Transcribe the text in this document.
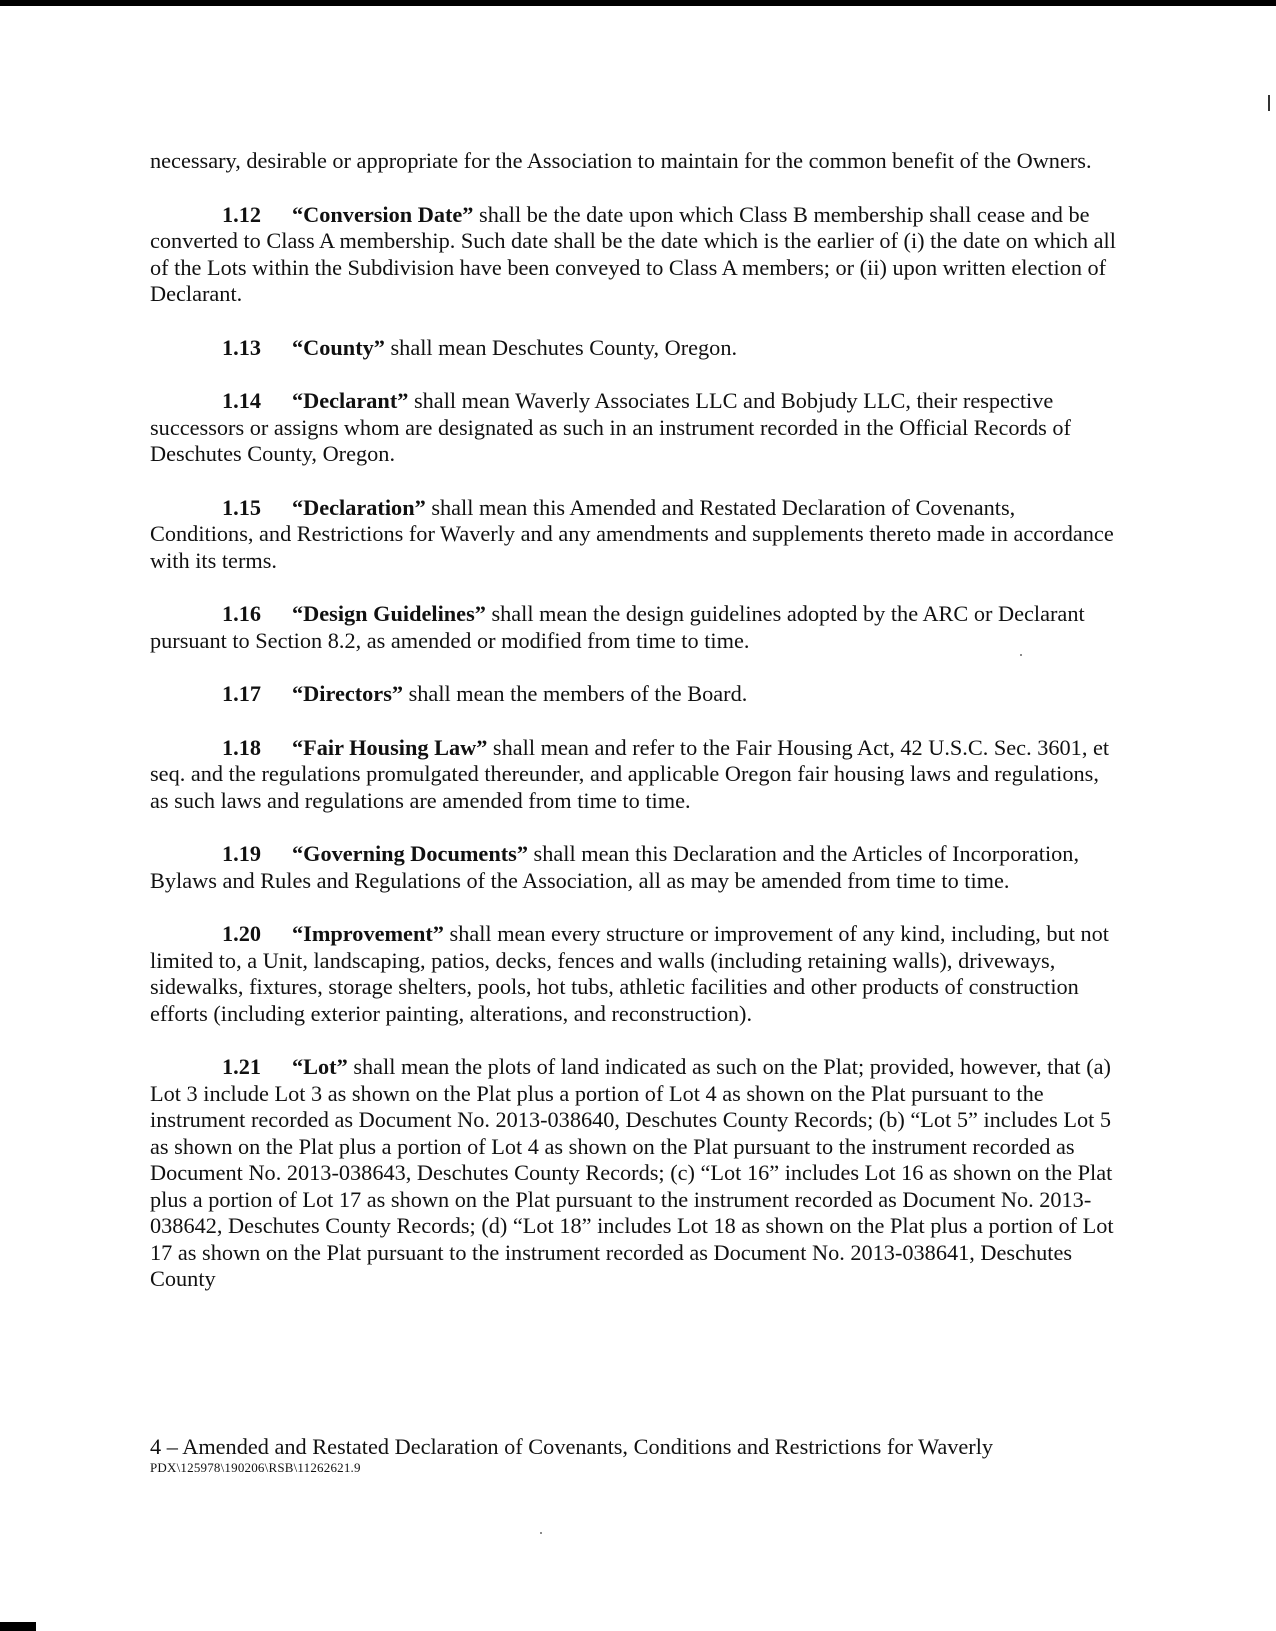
necessary, desirable or appropriate for the Association to maintain for the common benefit of the Owners.

1.12 “Conversion Date” shall be the date upon which Class B membership shall cease and be converted to Class A membership. Such date shall be the date which is the earlier of (i) the date on which all of the Lots within the Subdivision have been conveyed to Class A members; or (ii) upon written election of Declarant.

1.13 “County” shall mean Deschutes County, Oregon.

1.14 “Declarant” shall mean Waverly Associates LLC and Bobjudy LLC, their respective successors or assigns whom are designated as such in an instrument recorded in the Official Records of Deschutes County, Oregon.

1.15 “Declaration” shall mean this Amended and Restated Declaration of Covenants, Conditions, and Restrictions for Waverly and any amendments and supplements thereto made in accordance with its terms.

1.16 “Design Guidelines” shall mean the design guidelines adopted by the ARC or Declarant pursuant to Section 8.2, as amended or modified from time to time.

1.17 “Directors” shall mean the members of the Board.

1.18 “Fair Housing Law” shall mean and refer to the Fair Housing Act, 42 U.S.C. Sec. 3601, et seq. and the regulations promulgated thereunder, and applicable Oregon fair housing laws and regulations, as such laws and regulations are amended from time to time.

1.19 “Governing Documents” shall mean this Declaration and the Articles of Incorporation, Bylaws and Rules and Regulations of the Association, all as may be amended from time to time.

1.20 “Improvement” shall mean every structure or improvement of any kind, including, but not limited to, a Unit, landscaping, patios, decks, fences and walls (including retaining walls), driveways, sidewalks, fixtures, storage shelters, pools, hot tubs, athletic facilities and other products of construction efforts (including exterior painting, alterations, and reconstruction).

1.21 “Lot” shall mean the plots of land indicated as such on the Plat; provided, however, that (a) Lot 3 include Lot 3 as shown on the Plat plus a portion of Lot 4 as shown on the Plat pursuant to the instrument recorded as Document No. 2013-038640, Deschutes County Records; (b) “Lot 5” includes Lot 5 as shown on the Plat plus a portion of Lot 4 as shown on the Plat pursuant to the instrument recorded as Document No. 2013-038643, Deschutes County Records; (c) “Lot 16” includes Lot 16 as shown on the Plat plus a portion of Lot 17 as shown on the Plat pursuant to the instrument recorded as Document No. 2013-038642, Deschutes County Records; (d) “Lot 18” includes Lot 18 as shown on the Plat plus a portion of Lot 17 as shown on the Plat pursuant to the instrument recorded as Document No. 2013-038641, Deschutes County

4 – Amended and Restated Declaration of Covenants, Conditions and Restrictions for Waverly
PDX\125978\190206\RSB\11262621.9
